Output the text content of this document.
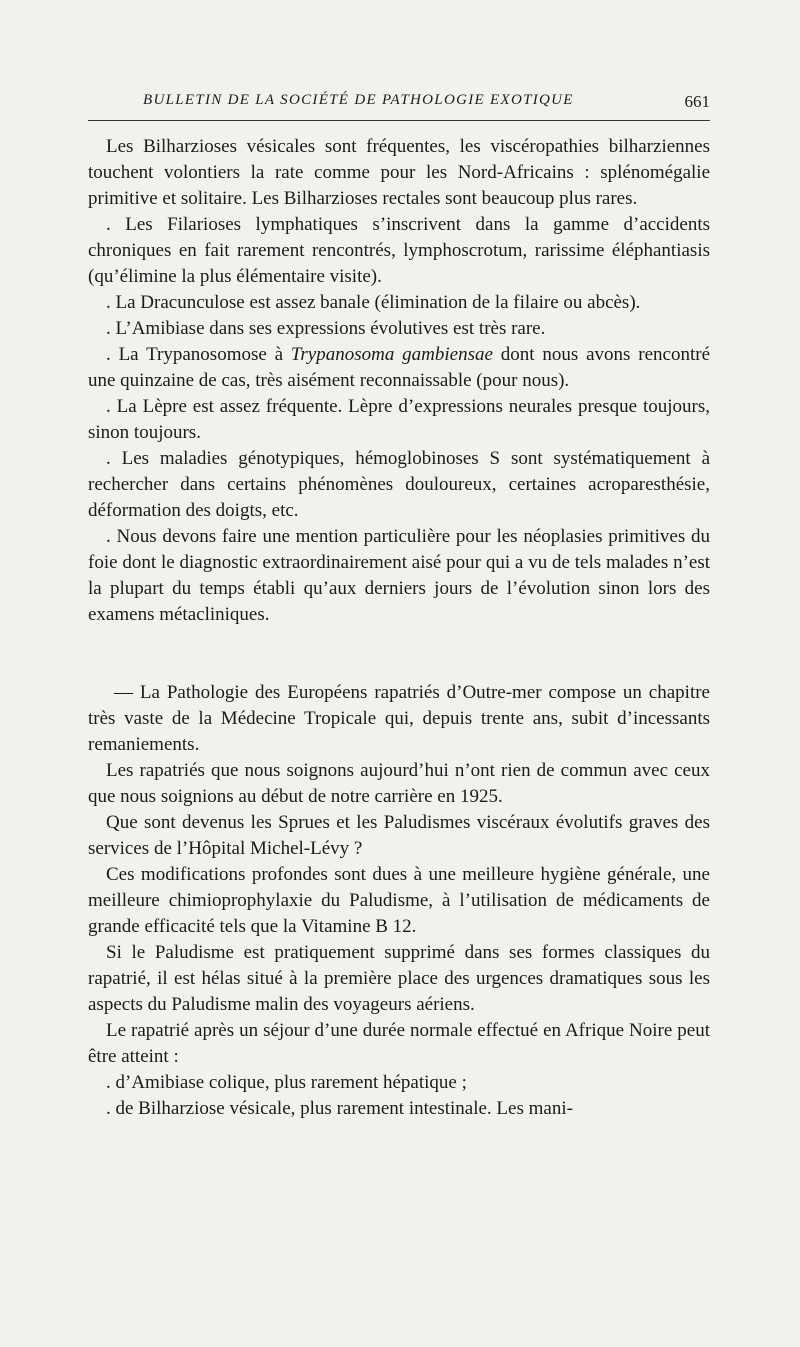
BULLETIN DE LA SOCIÉTÉ DE PATHOLOGIE EXOTIQUE	661

Les Bilharzioses vésicales sont fréquentes, les viscéropathies bilharziennes touchent volontiers la rate comme pour les Nord-Africains : splénomégalie primitive et solitaire. Les Bilharzioses rectales sont beaucoup plus rares.

. Les Filarioses lymphatiques s’inscrivent dans la gamme d’accidents chroniques en fait rarement rencontrés, lymphoscrotum, rarissime éléphantiasis (qu’élimine la plus élémentaire visite).

. La Dracunculose est assez banale (élimination de la filaire ou abcès).

. L’Amibiase dans ses expressions évolutives est très rare.

. La Trypanosomose à Trypanosoma gambiensae dont nous avons rencontré une quinzaine de cas, très aisément reconnaissable (pour nous).

. La Lèpre est assez fréquente. Lèpre d’expressions neurales presque toujours, sinon toujours.

. Les maladies génotypiques, hémoglobinoses S sont systématiquement à rechercher dans certains phénomènes douloureux, certaines acroparesthésie, déformation des doigts, etc.

. Nous devons faire une mention particulière pour les néoplasies primitives du foie dont le diagnostic extraordinairement aisé pour qui a vu de tels malades n’est la plupart du temps établi qu’aux derniers jours de l’évolution sinon lors des examens métacliniques.

— La Pathologie des Européens rapatriés d’Outre-mer compose un chapitre très vaste de la Médecine Tropicale qui, depuis trente ans, subit d’incessants remaniements.

Les rapatriés que nous soignons aujourd’hui n’ont rien de commun avec ceux que nous soignions au début de notre carrière en 1925.

Que sont devenus les Sprues et les Paludismes viscéraux évolutifs graves des services de l’Hôpital Michel-Lévy ?

Ces modifications profondes sont dues à une meilleure hygiène générale, une meilleure chimioprophylaxie du Paludisme, à l’utilisation de médicaments de grande efficacité tels que la Vitamine B 12.

Si le Paludisme est pratiquement supprimé dans ses formes classiques du rapatrié, il est hélas situé à la première place des urgences dramatiques sous les aspects du Paludisme malin des voyageurs aériens.

Le rapatrié après un séjour d’une durée normale effectué en Afrique Noire peut être atteint :

. d’Amibiase colique, plus rarement hépatique ;

. de Bilharziose vésicale, plus rarement intestinale. Les mani-
